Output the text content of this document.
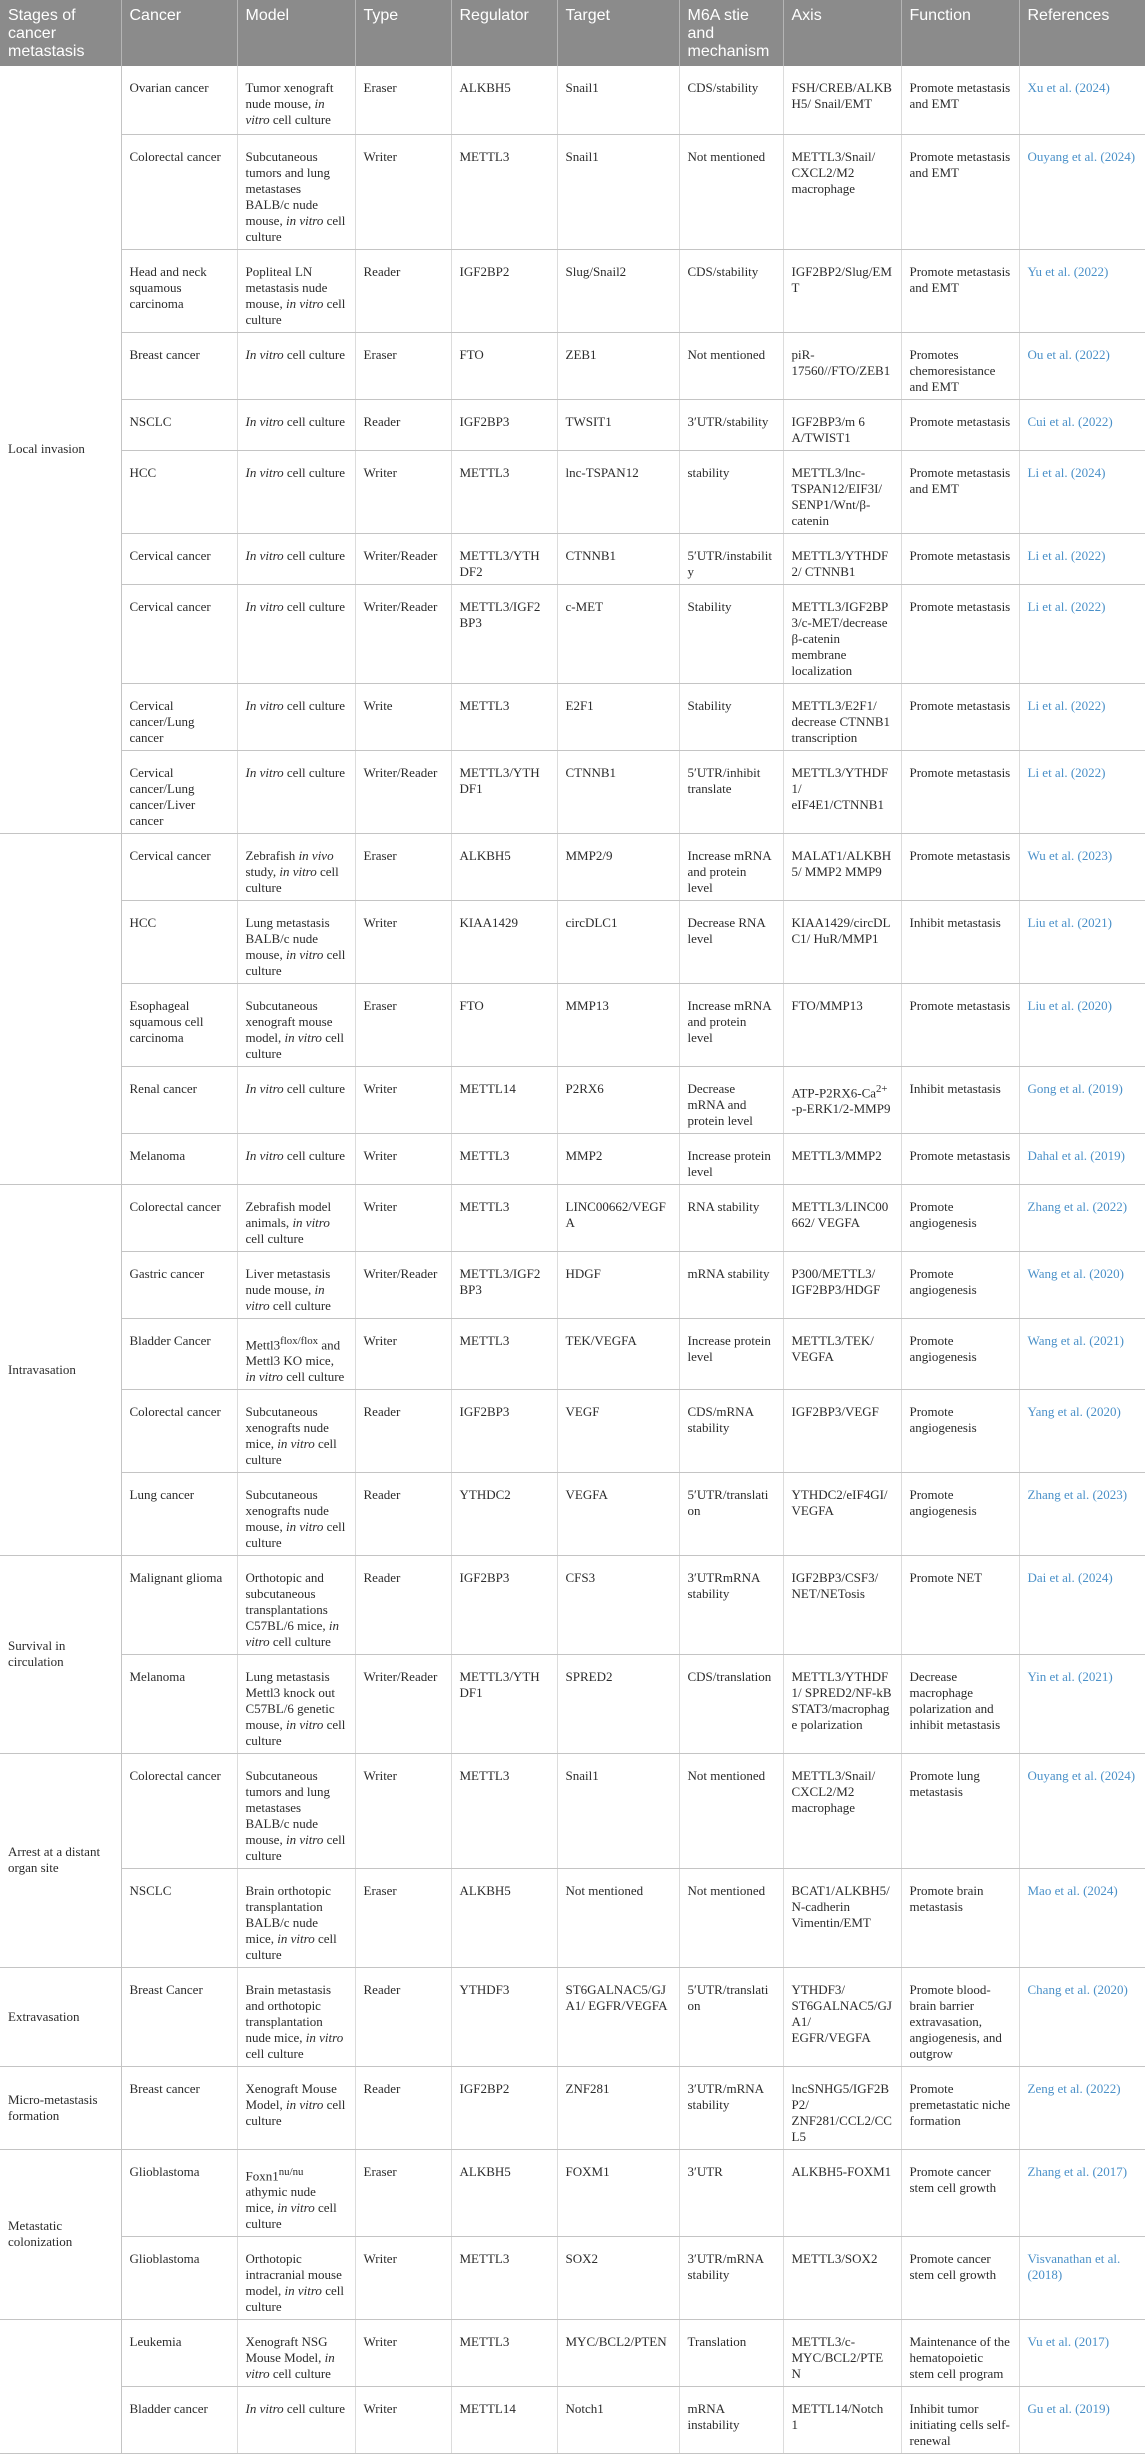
Stages of cancer metastasis	Cancer	Model	Type	Regulator	Target	M6A stie and mechanism	Axis	Function	References
Local invasion	Ovarian cancer	Tumor xenograft nude mouse, in vitro cell culture	Eraser	ALKBH5	Snail1	CDS/stability	FSH/CREB/ALKBH5/ Snail/EMT	Promote metastasis and EMT	Xu et al. (2024)
	Colorectal cancer	Subcutaneous tumors and lung metastases BALB/c nude mouse, in vitro cell culture	Writer	METTL3	Snail1	Not mentioned	METTL3/Snail/ CXCL2/M2 macrophage	Promote metastasis and EMT	Ouyang et al. (2024)
	Head and neck squamous carcinoma	Popliteal LN metastasis nude mouse, in vitro cell culture	Reader	IGF2BP2	Slug/Snail2	CDS/stability	IGF2BP2/Slug/EMT	Promote metastasis and EMT	Yu et al. (2022)
	Breast cancer	In vitro cell culture	Eraser	FTO	ZEB1	Not mentioned	piR-17560//FTO/ZEB1	Promotes chemoresistance and EMT	Ou et al. (2022)
	NSCLC	In vitro cell culture	Reader	IGF2BP3	TWSIT1	3′UTR/stability	IGF2BP3/m 6 A/TWIST1	Promote metastasis	Cui et al. (2022)
	HCC	In vitro cell culture	Writer	METTL3	lnc-TSPAN12	stability	METTL3/lnc-TSPAN12/EIF3I/ SENP1/Wnt/β-catenin	Promote metastasis and EMT	Li et al. (2024)
	Cervical cancer	In vitro cell culture	Writer/Reader	METTL3/YTHDF2	CTNNB1	5′UTR/instability	METTL3/YTHDF2/ CTNNB1	Promote metastasis	Li et al. (2022)
	Cervical cancer	In vitro cell culture	Writer/Reader	METTL3/IGF2BP3	c-MET	Stability	METTL3/IGF2BP3/c-MET/decrease β-catenin membrane localization	Promote metastasis	Li et al. (2022)
	Cervical cancer/Lung cancer	In vitro cell culture	Write	METTL3	E2F1	Stability	METTL3/E2F1/ decrease CTNNB1 transcription	Promote metastasis	Li et al. (2022)
	Cervical cancer/Lung cancer/Liver cancer	In vitro cell culture	Writer/Reader	METTL3/YTHDF1	CTNNB1	5′UTR/inhibit translate	METTL3/YTHDF1/ eIF4E1/CTNNB1	Promote metastasis	Li et al. (2022)
	Cervical cancer	Zebrafish in vivo study, in vitro cell culture	Eraser	ALKBH5	MMP2/9	Increase mRNA and protein level	MALAT1/ALKBH5/ MMP2 MMP9	Promote metastasis	Wu et al. (2023)
	HCC	Lung metastasis BALB/c nude mouse, in vitro cell culture	Writer	KIAA1429	circDLC1	Decrease RNA level	KIAA1429/circDLC1/ HuR/MMP1	Inhibit metastasis	Liu et al. (2021)
	Esophageal squamous cell carcinoma	Subcutaneous xenograft mouse model, in vitro cell culture	Eraser	FTO	MMP13	Increase mRNA and protein level	FTO/MMP13	Promote metastasis	Liu et al. (2020)
	Renal cancer	In vitro cell culture	Writer	METTL14	P2RX6	Decrease mRNA and protein level	ATP-$P2RX6-Ca^{2+}$ -p-ERK1/2-MMP9	Inhibit metastasis	Gong et al. (2019)
	Melanoma	In vitro cell culture	Writer	METTL3	MMP2	Increase protein level	METTL3/MMP2	Promote metastasis	Dahal et al. (2019)
Intravasation	Colorectal cancer	Zebrafish model animals, in vitro cell culture	Writer	METTL3	LINC00662/VEGFA	RNA stability	METTL3/LINC00662/ VEGFA	Promote angiogenesis	Zhang et al. (2022)
	Gastric cancer	Liver metastasis nude mouse, in vitro cell culture	Writer/Reader	METTL3/IGF2BP3	HDGF	mRNA stability	P300/METTL3/ IGF2BP3/HDGF	Promote angiogenesis	Wang et al. (2020)
	Bladder Cancer	$Mettl3^{flox/flox}$ and Mettl3 KO mice, in vitro cell culture	Writer	METTL3	TEK/VEGFA	Increase protein level	METTL3/TEK/ VEGFA	Promote angiogenesis	Wang et al. (2021)
	Colorectal cancer	Subcutaneous xenografts nude mice, in vitro cell culture	Reader	IGF2BP3	VEGF	CDS/mRNA stability	IGF2BP3/VEGF	Promote angiogenesis	Yang et al. (2020)
	Lung cancer	Subcutaneous xenografts nude mouse, in vitro cell culture	Reader	YTHDC2	VEGFA	5′UTR/translation	YTHDC2/eIF4GI/ VEGFA	Promote angiogenesis	Zhang et al. (2023)
Survival in circulation	Malignant glioma	Orthotopic and subcutaneous transplantations C57BL/6 mice, in vitro cell culture	Reader	IGF2BP3	CFS3	3′UTRmRNA stability	IGF2BP3/CSF3/ NET/NETosis	Promote NET	Dai et al. (2024)
	Melanoma	Lung metastasis Mettl3 knock out C57BL/6 genetic mouse, in vitro cell culture	Writer/Reader	METTL3/YTHDF1	SPRED2	CDS/translation	METTL3/YTHDF1/ SPRED2/NF-kB STAT3/macrophage polarization	Decrease macrophage polarization and inhibit metastasis	Yin et al. (2021)
Arrest at a distant organ site	Colorectal cancer	Subcutaneous tumors and lung metastases BALB/c nude mouse, in vitro cell culture	Writer	METTL3	Snail1	Not mentioned	METTL3/Snail/ CXCL2/M2 macrophage	Promote lung metastasis	Ouyang et al. (2024)
	NSCLC	Brain orthotopic transplantation BALB/c nude mice, in vitro cell culture	Eraser	ALKBH5	Not mentioned	Not mentioned	BCAT1/ALKBH5/N-cadherin Vimentin/EMT	Promote brain metastasis	Mao et al. (2024)
Extravasation	Breast Cancer	Brain metastasis and orthotopic transplantation nude mice, in vitro cell culture	Reader	YTHDF3	ST6GALNAC5/GJA1/ EGFR/VEGFA	5′UTR/translation	YTHDF3/ ST6GALNAC5/GJA1/ EGFR/VEGFA	Promote blood-brain barrier extravasation, angiogenesis, and outgrow	Chang et al. (2020)
Micro-metastasis formation	Breast cancer	Xenograft Mouse Model, in vitro cell culture	Reader	IGF2BP2	ZNF281	3′UTR/mRNA stability	lncSNHG5/IGF2BP2/ ZNF281/CCL2/CCL5	Promote premetastatic niche formation	Zeng et al. (2022)
Metastatic colonization	Glioblastoma	$Foxn1^{nu/nu}$ athymic nude mice, in vitro cell culture	Eraser	ALKBH5	FOXM1	3′UTR	ALKBH5-FOXM1	Promote cancer stem cell growth	Zhang et al. (2017)
	Glioblastoma	Orthotopic intracranial mouse model, in vitro cell culture	Writer	METTL3	SOX2	3′UTR/mRNA stability	METTL3/SOX2	Promote cancer stem cell growth	Visvanathan et al. (2018)
	Leukemia	Xenograft NSG Mouse Model, in vitro cell culture	Writer	METTL3	MYC/BCL2/PTEN	Translation	METTL3/c-MYC/BCL2/PTEN	Maintenance of the hematopoietic stem cell program	Vu et al. (2017)
	Bladder cancer	In vitro cell culture	Writer	METTL14	Notch1	mRNA instability	METTL14/Notch 1	Inhibit tumor initiating cells self-renewal	Gu et al. (2019)
